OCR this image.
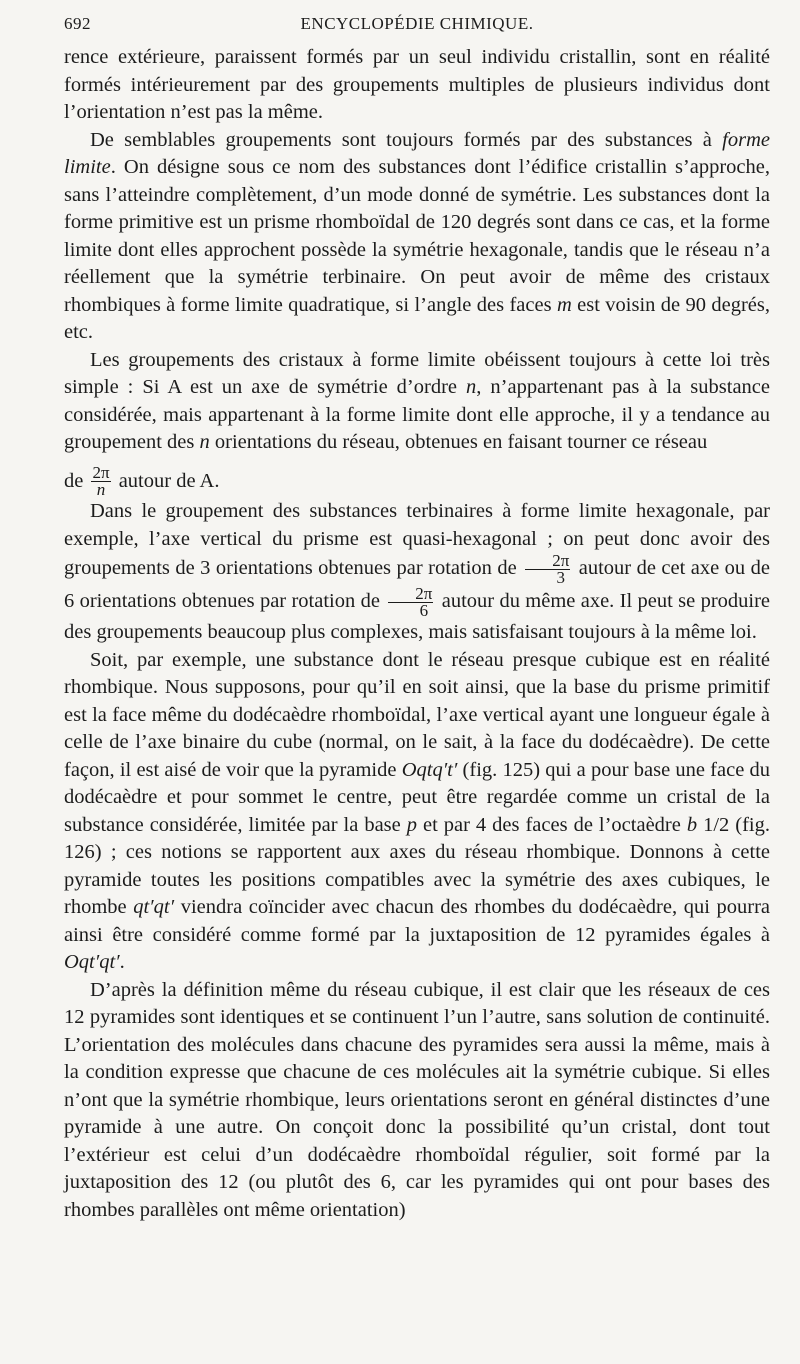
692	ENCYCLOPÉDIE CHIMIQUE.

rence extérieure, paraissent formés par un seul individu cristallin, sont en réalité formés intérieurement par des groupements multiples de plusieurs individus dont l’orientation n’est pas la même.

De semblables groupements sont toujours formés par des substances à forme limite. On désigne sous ce nom des substances dont l’édifice cristallin s’approche, sans l’atteindre complètement, d’un mode donné de symétrie. Les substances dont la forme primitive est un prisme rhomboïdal de 120 degrés sont dans ce cas, et la forme limite dont elles approchent possède la symétrie hexagonale, tandis que le réseau n’a réellement que la symétrie terbinaire. On peut avoir de même des cristaux rhombiques à forme limite quadratique, si l’angle des faces m est voisin de 90 degrés, etc.

Les groupements des cristaux à forme limite obéissent toujours à cette loi très simple : Si A est un axe de symétrie d’ordre n, n’appartenant pas à la substance considérée, mais appartenant à la forme limite dont elle approche, il y a tendance au groupement des n orientations du réseau, obtenues en faisant tourner ce réseau

de $\frac{2\pi}{n}$ autour de A.

Dans le groupement des substances terbinaires à forme limite hexagonale, par exemple, l’axe vertical du prisme est quasi-hexagonal ; on peut donc avoir des groupements de 3 orientations obtenues par rotation de $\frac{2\pi}{3}$ autour de cet axe ou de 6 orientations obtenues par rotation de $\frac{2\pi}{6}$ autour du même axe. Il peut se produire des groupements beaucoup plus complexes, mais satisfaisant toujours à la même loi.

Soit, par exemple, une substance dont le réseau presque cubique est en réalité rhombique. Nous supposons, pour qu’il en soit ainsi, que la base du prisme primitif est la face même du dodécaèdre rhomboïdal, l’axe vertical ayant une longueur égale à celle de l’axe binaire du cube (normal, on le sait, à la face du dodécaèdre). De cette façon, il est aisé de voir que la pyramide Oqtq′t′ (fig. 125) qui a pour base une face du dodécaèdre et pour sommet le centre, peut être regardée comme un cristal de la substance considérée, limitée par la base p et par 4 des faces de l’octaèdre b 1/2 (fig. 126) ; ces notions se rapportent aux axes du réseau rhombique. Donnons à cette pyramide toutes les positions compatibles avec la symétrie des axes cubiques, le rhombe qt′qt′ viendra coïncider avec chacun des rhombes du dodécaèdre, qui pourra ainsi être considéré comme formé par la juxtaposition de 12 pyramides égales à Oqt′qt′.

D’après la définition même du réseau cubique, il est clair que les réseaux de ces 12 pyramides sont identiques et se continuent l’un l’autre, sans solution de continuité. L’orientation des molécules dans chacune des pyramides sera aussi la même, mais à la condition expresse que chacune de ces molécules ait la symétrie cubique. Si elles n’ont que la symétrie rhombique, leurs orientations seront en général distinctes d’une pyramide à une autre. On conçoit donc la possibilité qu’un cristal, dont tout l’extérieur est celui d’un dodécaèdre rhomboïdal régulier, soit formé par la juxtaposition des 12 (ou plutôt des 6, car les pyramides qui ont pour bases des rhombes parallèles ont même orientation)
